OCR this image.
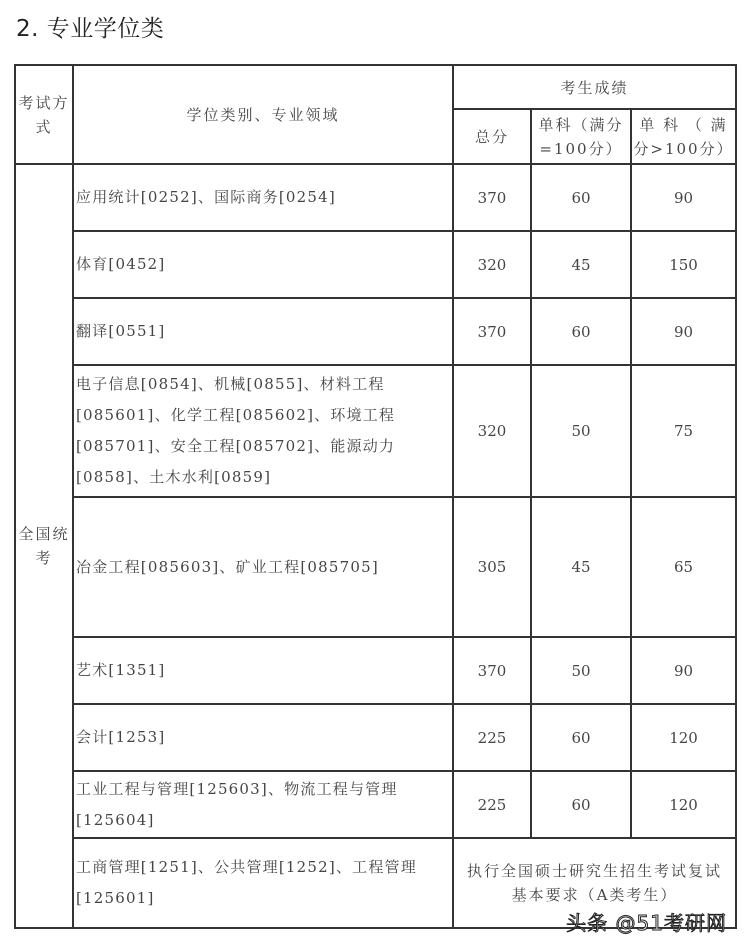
2. 专业学位类
考试方式	学位类别、专业领域	考生成绩		
		总分	单科（满分=100分）	单 科 （ 满分>100分）
全国统考	应用统计[0252]、国际商务[0254]	370	60	90
	体育[0452]	320	45	150
	翻译[0551]	370	60	90
	电子信息[0854]、机械[0855]、材料工程[085601]、化学工程[085602]、环境工程[085701]、安全工程[085702]、能源动力[0858]、土木水利[0859]	320	50	75
	冶金工程[085603]、矿业工程[085705]	305	45	65
	艺术[1351]	370	50	90
	会计[1253]	225	60	120
	工业工程与管理[125603]、物流工程与管理[125604]	225	60	120
	工商管理[1251]、公共管理[1252]、工程管理[125601]	执行全国硕士研究生招生考试复试基本要求（A类考生）		
头条 @51考研网
